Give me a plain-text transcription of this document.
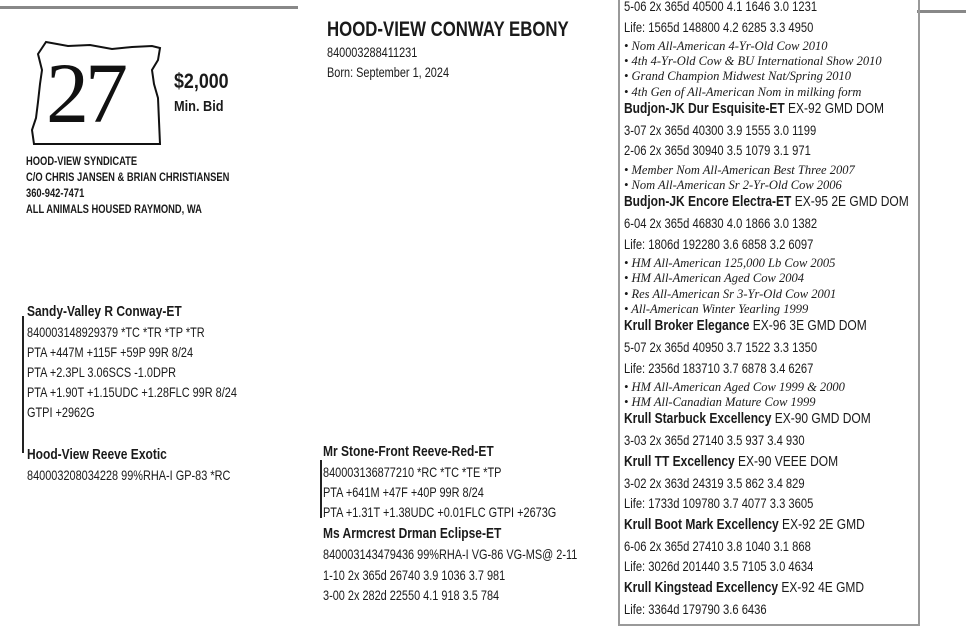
27 $2,000
Min. Bid
HOOD-VIEW SYNDICATE
C/O CHRIS JANSEN & BRIAN CHRISTIANSEN
360-942-7471
ALL ANIMALS HOUSED RAYMOND, WA
HOOD-VIEW CONWAY EBONY
840003288411231
Born: September 1, 2024
Sandy-Valley R Conway-ET
840003148929379 *TC *TR *TP *TR
PTA +447M +115F +59P 99R 8/24
PTA +2.3PL 3.06SCS -1.0DPR
PTA +1.90T +1.15UDC +1.28FLC 99R 8/24
GTPI +2962G
Hood-View Reeve Exotic
840003208034228 99%RHA-I GP-83 *RC
Mr Stone-Front Reeve-Red-ET
840003136877210 *RC *TC *TE *TP
PTA +641M +47F +40P 99R 8/24
PTA +1.31T +1.38UDC +0.01FLC GTPI +2673G
Ms Armcrest Drman Eclipse-ET
840003143479436 99%RHA-I VG-86 VG-MS@ 2-11
1-10 2x 365d 26740 3.9 1036 3.7 981
3-00 2x 282d 22550 4.1 918 3.5 784
5-06 2x 365d 40500 4.1 1646 3.0 1231
Life: 1565d 148800 4.2 6285 3.3 4950
• Nom All-American 4-Yr-Old Cow 2010
• 4th 4-Yr-Old Cow & BU International Show 2010
• Grand Champion Midwest Nat/Spring 2010
• 4th Gen of All-American Nom in milking form
Budjon-JK Dur Esquisite-ET EX-92 GMD DOM
3-07 2x 365d 40300 3.9 1555 3.0 1199
2-06 2x 365d 30940 3.5 1079 3.1 971
• Member Nom All-American Best Three 2007
• Nom All-American Sr 2-Yr-Old Cow 2006
Budjon-JK Encore Electra-ET EX-95 2E GMD DOM
6-04 2x 365d 46830 4.0 1866 3.0 1382
Life: 1806d 192280 3.6 6858 3.2 6097
• HM All-American 125,000 Lb Cow 2005
• HM All-American Aged Cow 2004
• Res All-American Sr 3-Yr-Old Cow 2001
• All-American Winter Yearling 1999
Krull Broker Elegance EX-96 3E GMD DOM
5-07 2x 365d 40950 3.7 1522 3.3 1350
Life: 2356d 183710 3.7 6878 3.4 6267
• HM All-American Aged Cow 1999 & 2000
• HM All-Canadian Mature Cow 1999
Krull Starbuck Excellency EX-90 GMD DOM
3-03 2x 365d 27140 3.5 937 3.4 930
Krull TT Excellency EX-90 VEEE DOM
3-02 2x 363d 24319 3.5 862 3.4 829
Life: 1733d 109780 3.7 4077 3.3 3605
Krull Boot Mark Excellency EX-92 2E GMD
6-06 2x 365d 27410 3.8 1040 3.1 868
Life: 3026d 201440 3.5 7105 3.0 4634
Krull Kingstead Excellency EX-92 4E GMD
Life: 3364d 179790 3.6 6436
